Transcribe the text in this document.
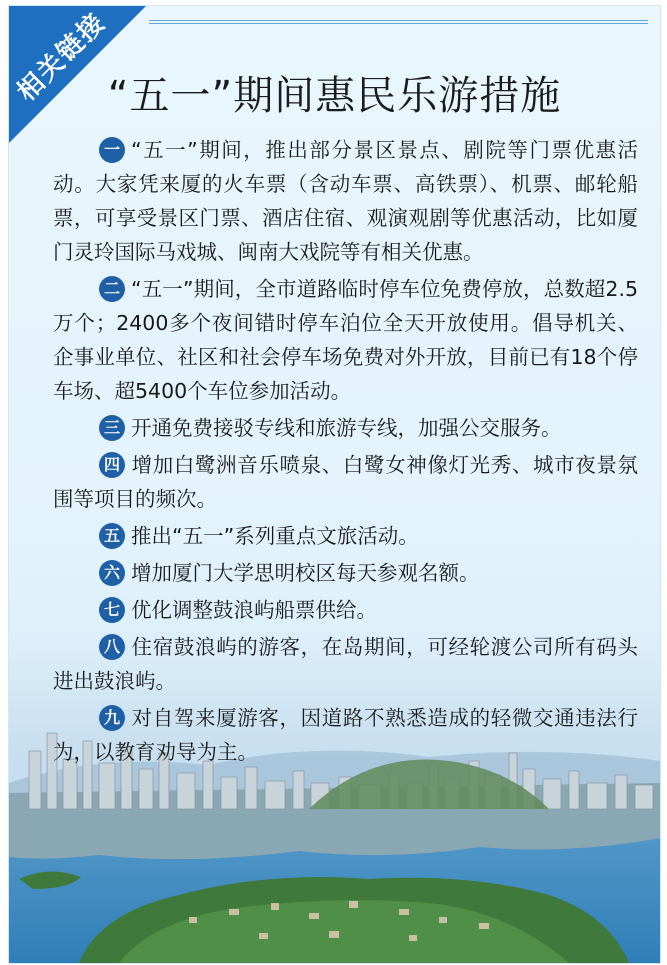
相关链接
“五一”期间惠民乐游措施

一 “五一”期间，推出部分景区景点、剧院等门票优惠活动。大家凭来厦的火车票（含动车票、高铁票）、机票、邮轮船票，可享受景区门票、酒店住宿、观演观剧等优惠活动，比如厦门灵玲国际马戏城、闽南大戏院等有相关优惠。

二 “五一”期间，全市道路临时停车位免费停放，总数超2.5万个；2400多个夜间错时停车泊位全天开放使用。倡导机关、企事业单位、社区和社会停车场免费对外开放，目前已有18个停车场、超5400个车位参加活动。

三 开通免费接驳专线和旅游专线，加强公交服务。

四 增加白鹭洲音乐喷泉、白鹭女神像灯光秀、城市夜景氛围等项目的频次。

五 推出“五一”系列重点文旅活动。

六 增加厦门大学思明校区每天参观名额。

七 优化调整鼓浪屿船票供给。

八 住宿鼓浪屿的游客，在岛期间，可经轮渡公司所有码头进出鼓浪屿。

九 对自驾来厦游客，因道路不熟悉造成的轻微交通违法行为，以教育劝导为主。
